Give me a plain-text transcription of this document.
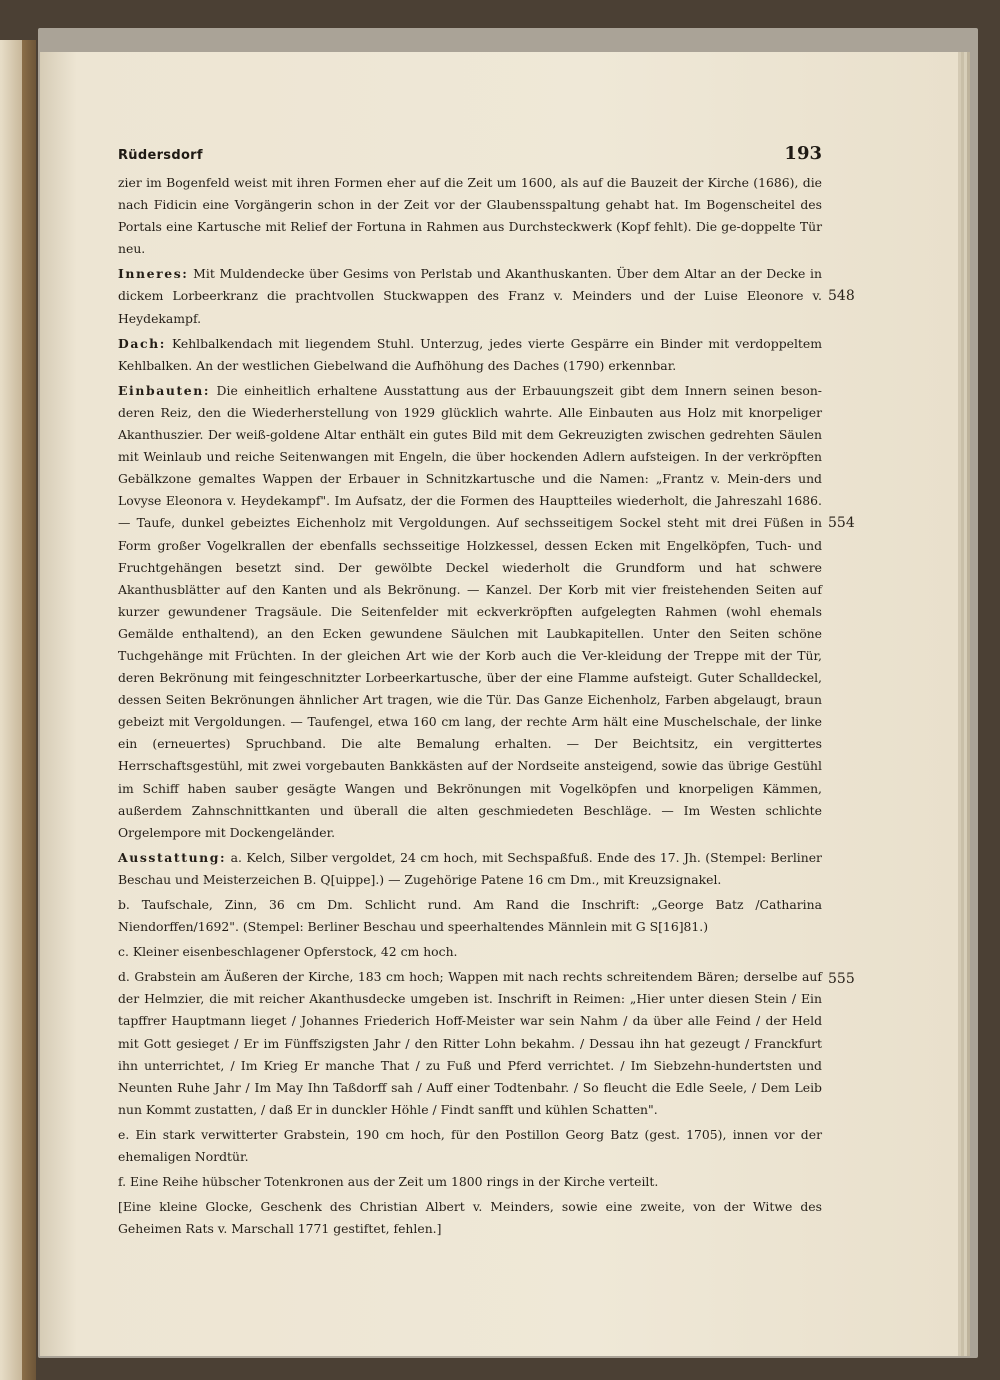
Rüdersdorf	193

zier im Bogenfeld weist mit ihren Formen eher auf die Zeit um 1600, als auf die Bauzeit der Kirche (1686), die nach Fidicin eine Vorgängerin schon in der Zeit vor der Glaubensspaltung gehabt hat. Im Bogenscheitel des Portals eine Kartusche mit Relief der Fortuna in Rahmen aus Durchsteckwerk (Kopf fehlt). Die ge-doppelte Tür neu.

Inneres: Mit Muldendecke über Gesims von Perlstab und Akanthuskanten. Über dem Altar an der Decke in dickem Lorbeerkranz die prachtvollen Stuckwappen des Franz v. Meinders und der Luise Eleonore v. Heydekampf.
548

Dach: Kehlbalkendach mit liegendem Stuhl. Unterzug, jedes vierte Gespärre ein Binder mit verdoppeltem Kehlbalken. An der westlichen Giebelwand die Aufhöhung des Daches (1790) erkennbar.

Einbauten: Die einheitlich erhaltene Ausstattung aus der Erbauungszeit gibt dem Innern seinen beson-deren Reiz, den die Wiederherstellung von 1929 glücklich wahrte. Alle Einbauten aus Holz mit knorpeliger Akanthuszier. Der weiß-goldene Altar enthält ein gutes Bild mit dem Gekreuzigten zwischen gedrehten Säulen mit Weinlaub und reiche Seitenwangen mit Engeln, die über hockenden Adlern aufsteigen. In der verkröpften Gebälkzone gemaltes Wappen der Erbauer in Schnitzkartusche und die Namen: „Frantz v. Mein-ders und Lovyse Eleonora v. Heydekampf". Im Aufsatz, der die Formen des Hauptteiles wiederholt, die Jahreszahl 1686. — Taufe, dunkel gebeiztes Eichenholz mit Vergoldungen. Auf sechsseitigem Sockel steht mit drei Füßen in Form großer Vogelkrallen der ebenfalls sechsseitige Holzkessel, dessen Ecken mit Engelköpfen, Tuch- und Fruchtgehängen besetzt sind. Der gewölbte Deckel wiederholt die Grundform und hat schwere Akanthusblätter auf den Kanten und als Bekrönung. — Kanzel. Der Korb mit vier freistehenden Seiten auf kurzer gewundener Tragsäule. Die Seitenfelder mit eckverkröpften aufgelegten Rahmen (wohl ehemals Gemälde enthaltend), an den Ecken gewundene Säulchen mit Laubkapitellen. Unter den Seiten schöne Tuchgehänge mit Früchten. In der gleichen Art wie der Korb auch die Ver-kleidung der Treppe mit der Tür, deren Bekrönung mit feingeschnitzter Lorbeerkartusche, über der eine Flamme aufsteigt. Guter Schalldeckel, dessen Seiten Bekrönungen ähnlicher Art tragen, wie die Tür. Das Ganze Eichenholz, Farben abgelaugt, braun gebeizt mit Vergoldungen. — Taufengel, etwa 160 cm lang, der rechte Arm hält eine Muschelschale, der linke ein (erneuertes) Spruchband. Die alte Bemalung erhalten. — Der Beichtsitz, ein vergittertes Herrschaftsgestühl, mit zwei vorgebauten Bankkästen auf der Nordseite ansteigend, sowie das übrige Gestühl im Schiff haben sauber gesägte Wangen und Bekrönungen mit Vogelköpfen und knorpeligen Kämmen, außerdem Zahnschnittkanten und überall die alten geschmiedeten Beschläge. — Im Westen schlichte Orgelempore mit Dockengeländer.
554

Ausstattung: a. Kelch, Silber vergoldet, 24 cm hoch, mit Sechspaßfuß. Ende des 17. Jh. (Stempel: Berliner Beschau und Meisterzeichen B. Q[uippe].) — Zugehörige Patene 16 cm Dm., mit Kreuzsignakel.

b. Taufschale, Zinn, 36 cm Dm. Schlicht rund. Am Rand die Inschrift: „George Batz /Catharina Niendorffen/1692". (Stempel: Berliner Beschau und speerhaltendes Männlein mit G S[16]81.)

c. Kleiner eisenbeschlagener Opferstock, 42 cm hoch.

d. Grabstein am Äußeren der Kirche, 183 cm hoch; Wappen mit nach rechts schreitendem Bären; derselbe auf der Helmzier, die mit reicher Akanthusdecke umgeben ist. Inschrift in Reimen: „Hier unter diesen Stein / Ein tapffrer Hauptmann lieget / Johannes Friederich Hoff-Meister war sein Nahm / da über alle Feind / der Held mit Gott gesieget / Er im Fünffszigsten Jahr / den Ritter Lohn bekahm. / Dessau ihn hat gezeugt / Franckfurt ihn unterrichtet, / Im Krieg Er manche That / zu Fuß und Pferd verrichtet. / Im Siebzehn-hundertsten und Neunten Ruhe Jahr / Im May Ihn Taßdorff sah / Auff einer Todtenbahr. / So fleucht die Edle Seele, / Dem Leib nun Kommt zustatten, / daß Er in dunckler Höhle / Findt sanfft und kühlen Schatten".
555

e. Ein stark verwitterter Grabstein, 190 cm hoch, für den Postillon Georg Batz (gest. 1705), innen vor der ehemaligen Nordtür.

f. Eine Reihe hübscher Totenkronen aus der Zeit um 1800 rings in der Kirche verteilt.

[Eine kleine Glocke, Geschenk des Christian Albert v. Meinders, sowie eine zweite, von der Witwe des Geheimen Rats v. Marschall 1771 gestiftet, fehlen.]
